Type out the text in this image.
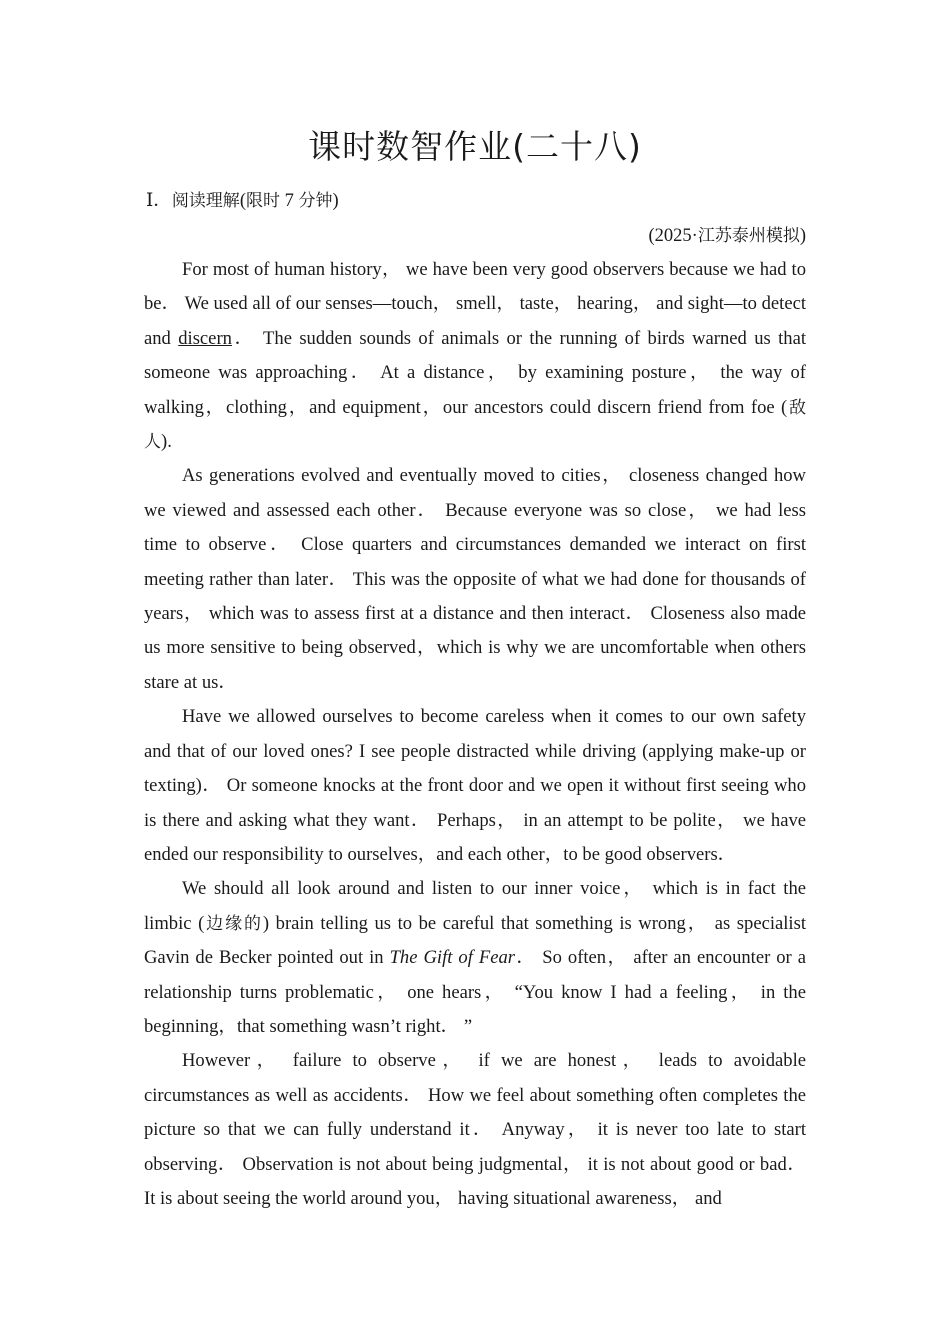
课时数智作业(二十八)
Ⅰ．阅读理解(限时 7 分钟)
(2025·江苏泰州模拟)

For most of human history， we have been very good observers because we had to be． We used all of our senses—touch， smell， taste， hearing， and sight—to detect and discern． The sudden sounds of animals or the running of birds warned us that someone was approaching． At a distance， by examining posture， the way of walking，clothing，and equipment，our ancestors could discern friend from foe (敌人).

As generations evolved and eventually moved to cities， closeness changed how we viewed and assessed each other． Because everyone was so close， we had less time to observe． Close quarters and circumstances demanded we interact on first meeting rather than later． This was the opposite of what we had done for thousands of years， which was to assess first at a distance and then interact． Closeness also made us more sensitive to being observed，which is why we are uncomfortable when others stare at us．

Have we allowed ourselves to become careless when it comes to our own safety and that of our loved ones? I see people distracted while driving (applying make-up or texting)． Or someone knocks at the front door and we open it without first seeing who is there and asking what they want． Perhaps， in an attempt to be polite， we have ended our responsibility to ourselves，and each other，to be good observers．

We should all look around and listen to our inner voice， which is in fact the limbic (边缘的) brain telling us to be careful that something is wrong， as specialist Gavin de Becker pointed out in The Gift of Fear． So often， after an encounter or a relationship turns problematic， one hears， “You know I had a feeling， in the beginning，that something wasn’t right． ”

However， failure to observe， if we are honest， leads to avoidable circumstances as well as accidents． How we feel about something often completes the picture so that we can fully understand it． Anyway， it is never too late to start observing． Observation is not about being judgmental， it is not about good or bad． It is about seeing the world around you， having situational awareness， and
